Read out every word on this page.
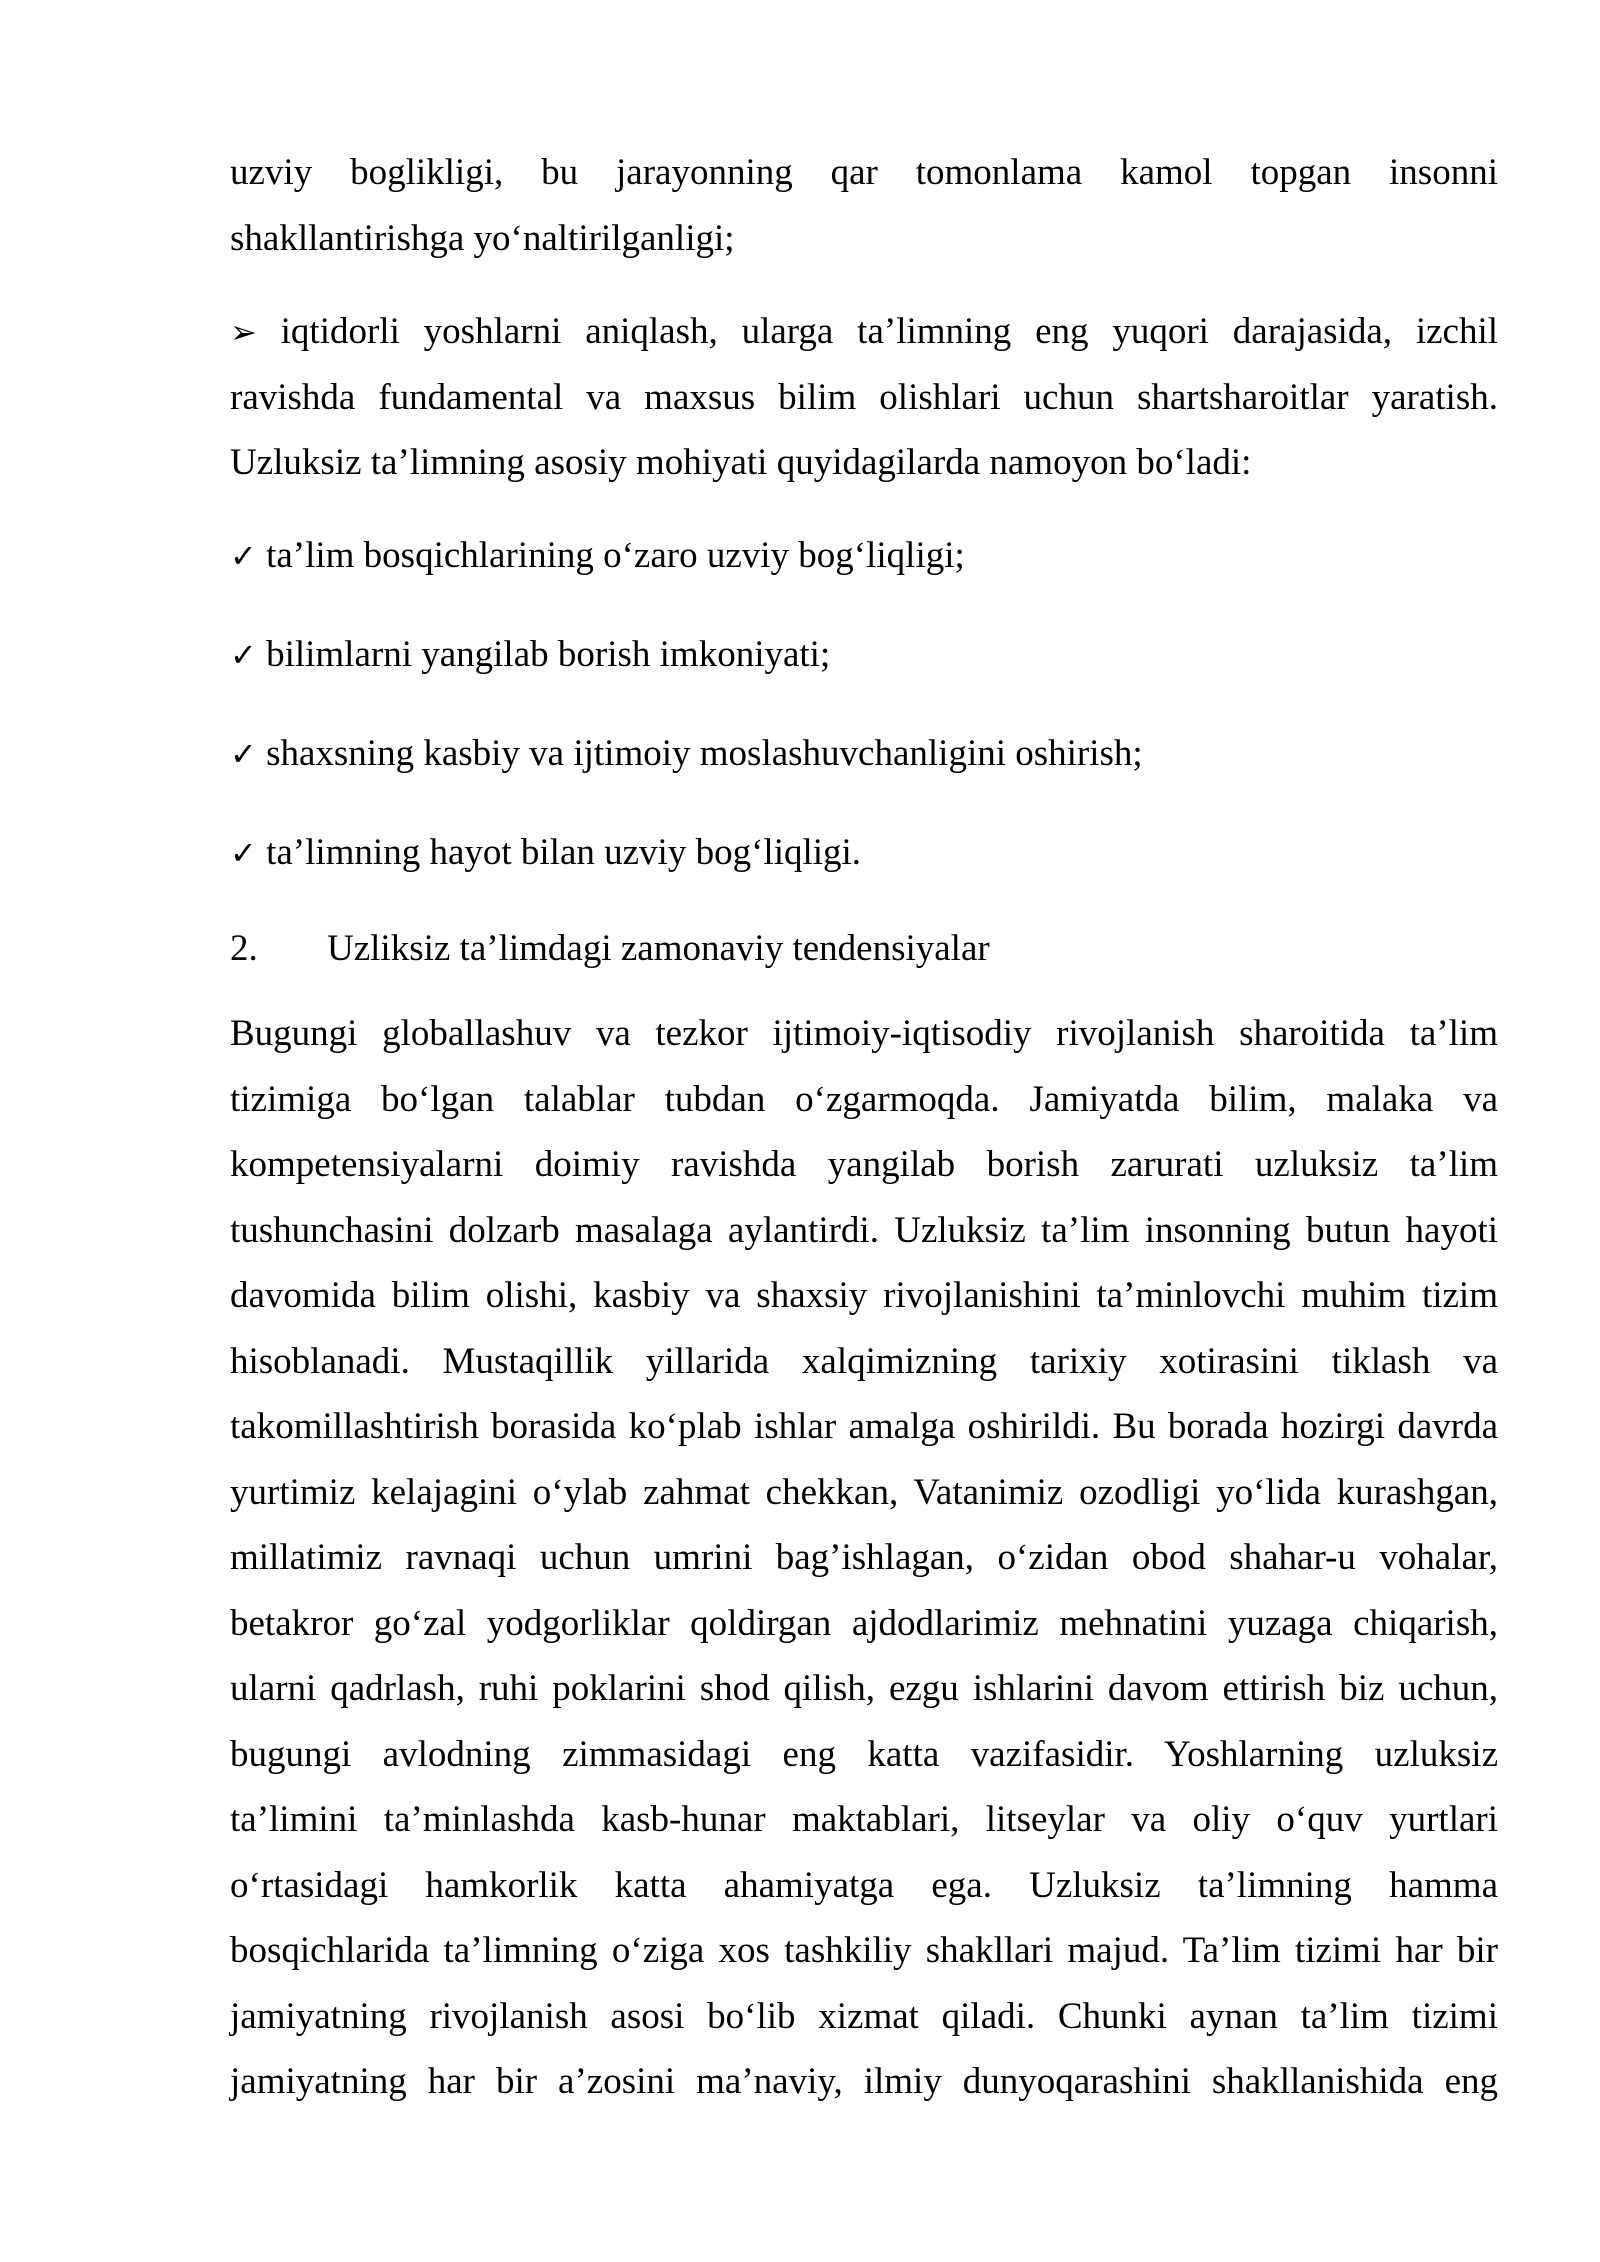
uzviy boglikligi, bu jarayonning qar tomonlama kamol topgan insonni
shakllantirishga yo‘naltirilganligi;
➢ iqtidorli yoshlarni aniqlash, ularga ta’limning eng yuqori darajasida, izchil
ravishda fundamental va maxsus bilim olishlari uchun shartsharoitlar yaratish.
Uzluksiz ta’limning asosiy mohiyati quyidagilarda namoyon bo‘ladi:
✓ ta’lim bosqichlarining o‘zaro uzviy bog‘liqligi;
✓ bilimlarni yangilab borish imkoniyati;
✓ shaxsning kasbiy va ijtimoiy moslashuvchanligini oshirish;
✓ ta’limning hayot bilan uzviy bog‘liqligi.
2. Uzliksiz ta’limdagi zamonaviy tendensiyalar
Bugungi globallashuv va tezkor ijtimoiy-iqtisodiy rivojlanish sharoitida ta’lim
tizimiga bo‘lgan talablar tubdan o‘zgarmoqda. Jamiyatda bilim, malaka va
kompetensiyalarni doimiy ravishda yangilab borish zarurati uzluksiz ta’lim
tushunchasini dolzarb masalaga aylantirdi. Uzluksiz ta’lim insonning butun hayoti
davomida bilim olishi, kasbiy va shaxsiy rivojlanishini ta’minlovchi muhim tizim
hisoblanadi. Mustaqillik yillarida xalqimizning tarixiy xotirasini tiklash va
takomillashtirish borasida ko‘plab ishlar amalga oshirildi. Bu borada hozirgi davrda
yurtimiz kelajagini o‘ylab zahmat chekkan, Vatanimiz ozodligi yo‘lida kurashgan,
millatimiz ravnaqi uchun umrini bag’ishlagan, o‘zidan obod shahar-u vohalar,
betakror go‘zal yodgorliklar qoldirgan ajdodlarimiz mehnatini yuzaga chiqarish,
ularni qadrlash, ruhi poklarini shod qilish, ezgu ishlarini davom ettirish biz uchun,
bugungi avlodning zimmasidagi eng katta vazifasidir. Yoshlarning uzluksiz
ta’limini ta’minlashda kasb-hunar maktablari, litseylar va oliy o‘quv yurtlari
o‘rtasidagi hamkorlik katta ahamiyatga ega. Uzluksiz ta’limning hamma
bosqichlarida ta’limning o‘ziga xos tashkiliy shakllari majud. Ta’lim tizimi har bir
jamiyatning rivojlanish asosi bo‘lib xizmat qiladi. Chunki aynan ta’lim tizimi
jamiyatning har bir a’zosini ma’naviy, ilmiy dunyoqarashini shakllanishida eng
